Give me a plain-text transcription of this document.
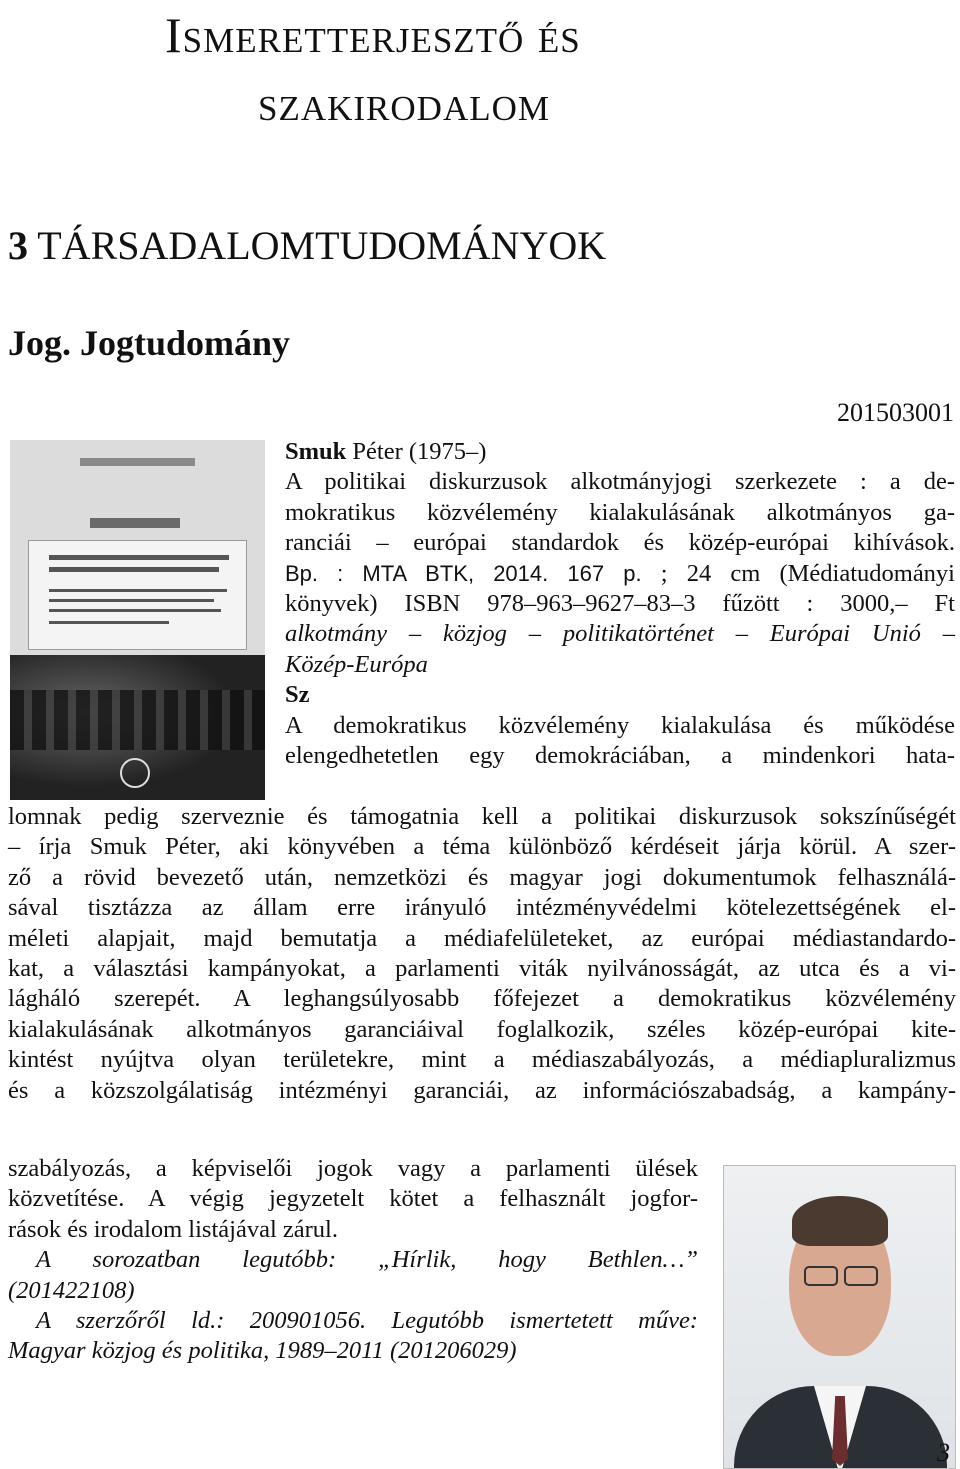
Ismeretterjesztő és
szakirodalom
3 TÁRSADALOMTUDOMÁNYOK
Jog. Jogtudomány
201503001
Smuk Péter (1975–)
A politikai diskurzusok alkotmányjogi szerkezete : a de-
mokratikus közvélemény kialakulásának alkotmányos ga-
ranciái – európai standardok és közép-európai kihívások.
Bp. : MTA BTK, 2014. 167 p. ; 24 cm (Médiatudományi
könyvek) ISBN 978–963–9627–83–3 fűzött : 3000,– Ft
alkotmány – közjog – politikatörténet – Európai Unió –
Közép-Európa
Sz
A demokratikus közvélemény kialakulása és működése
elengedhetetlen egy demokráciában, a mindenkori hata-
lomnak pedig szerveznie és támogatnia kell a politikai diskurzusok sokszínűségét
– írja Smuk Péter, aki könyvében a téma különböző kérdéseit járja körül. A szer-
ző a rövid bevezető után, nemzetközi és magyar jogi dokumentumok felhasználá-
sával tisztázza az állam erre irányuló intézményvédelmi kötelezettségének el-
méleti alapjait, majd bemutatja a médiafelületeket, az európai médiastandardo-
kat, a választási kampányokat, a parlamenti viták nyilvánosságát, az utca és a vi-
lágháló szerepét. A leghangsúlyosabb főfejezet a demokratikus közvélemény
kialakulásának alkotmányos garanciáival foglalkozik, széles közép-európai kite-
kintést nyújtva olyan területekre, mint a médiaszabályozás, a médiapluralizmus
és a közszolgálatiság intézményi garanciái, az információszabadság, a kampány-
szabályozás, a képviselői jogok vagy a parlamenti ülések
közvetítése. A végig jegyzetelt kötet a felhasznált jogfor-
rások és irodalom listájával zárul.
A sorozatban legutóbb: „Hírlik, hogy Bethlen…”
(201422108)
A szerzőről ld.: 200901056. Legutóbb ismertetett műve:
Magyar közjog és politika, 1989–2011 (201206029)
3
